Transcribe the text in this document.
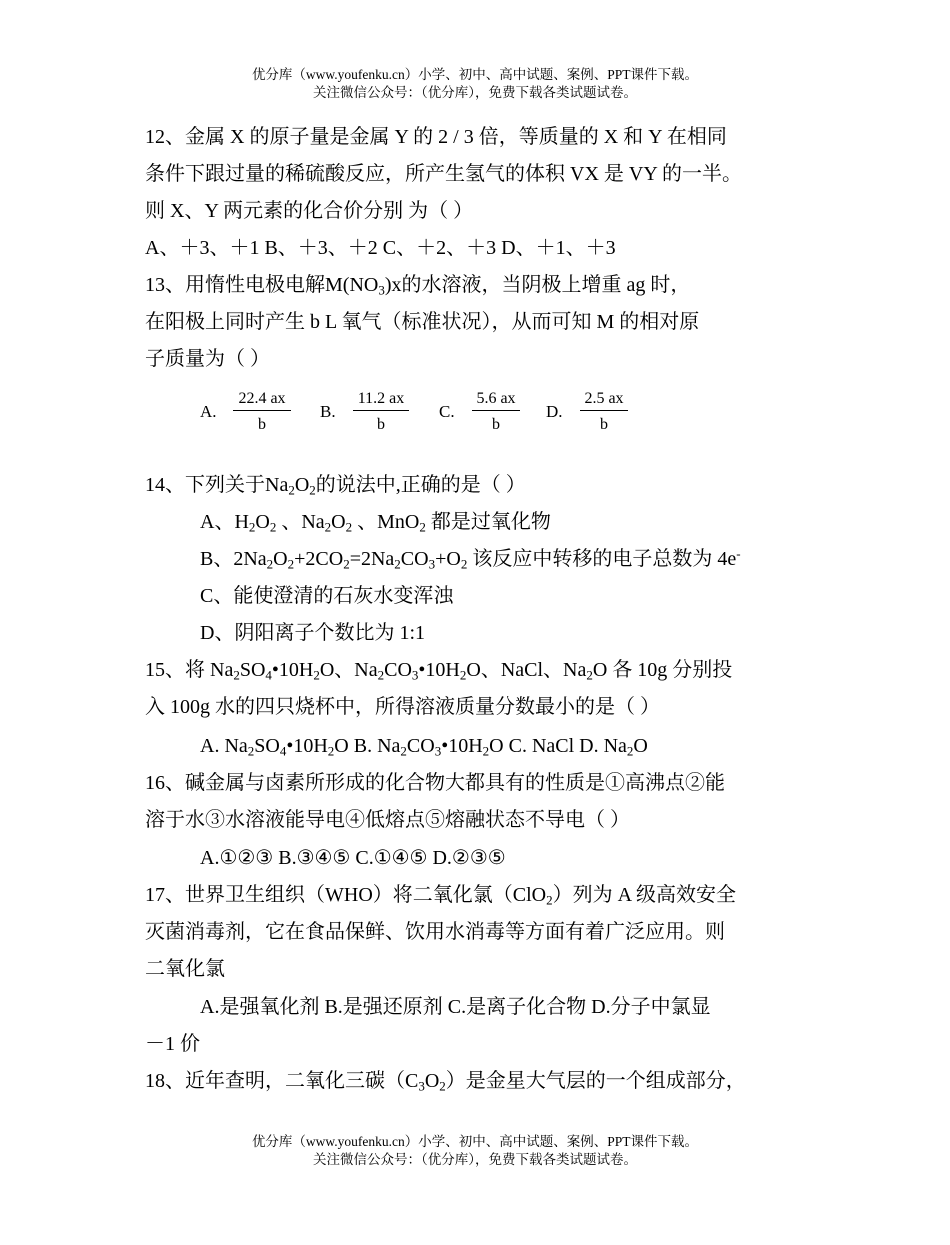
优分库（www.youfenku.cn）小学、初中、高中试题、案例、PPT课件下载。
关注微信公众号：（优分库），免费下载各类试题试卷。
12、金属 X 的原子量是金属 Y 的 2 / 3 倍，等质量的 X 和 Y 在相同
条件下跟过量的稀硫酸反应，所产生氢气的体积 VX 是 VY 的一半。
则 X、Y 两元素的化合价分别 为（ ）
A、＋3、＋1 B、＋3、＋2 C、＋2、＋3 D、＋1、＋3
13、用惰性电极电解$M(NO_3)x$的水溶液，当阴极上增重 ag 时，
在阳极上同时产生 b L 氧气（标准状况），从而可知 M 的相对原
子质量为（ ）
A.
22.4 ax
b
B.
11.2 ax
b
C.
5.6 ax
b
D.
2.5 ax
b
14、下列关于$Na_2O_2$的说法中,正确的是（ ）
A、$H_2O_2$ 、$Na_2O_2$ 、MnO$_2$ 都是过氧化物
B、$2Na_2O_2+2CO_2=2Na_2CO_3+O_2$ 该反应中转移的电子总数为 4e-
C、能使澄清的石灰水变浑浊
D、阴阳离子个数比为 1:1
15、将 $Na_2SO_4•10H_2O$、$Na_2CO_3•10H_2O$、NaCl、$Na_2O$ 各 10g 分别投
入 100g 水的四只烧杯中，所得溶液质量分数最小的是（ ）
A. $Na_2SO_4•10H_2O$ B. $Na_2CO_3•10H_2O$ C. NaCl D. $Na_2O$
16、碱金属与卤素所形成的化合物大都具有的性质是①高沸点②能
溶于水③水溶液能导电④低熔点⑤熔融状态不导电（ ）
A.①②③ B.③④⑤ C.①④⑤ D.②③⑤
17、世界卫生组织（WHO）将二氧化氯（ClO$_2$）列为 A 级高效安全
灭菌消毒剂，它在食品保鲜、饮用水消毒等方面有着广泛应用。则
二氧化氯
A.是强氧化剂 B.是强还原剂 C.是离子化合物 D.分子中氯显
－1 价
18、近年查明，二氧化三碳$(C_3O_2)$是金星大气层的一个组成部分，
优分库（www.youfenku.cn）小学、初中、高中试题、案例、PPT课件下载。
关注微信公众号：（优分库），免费下载各类试题试卷。
